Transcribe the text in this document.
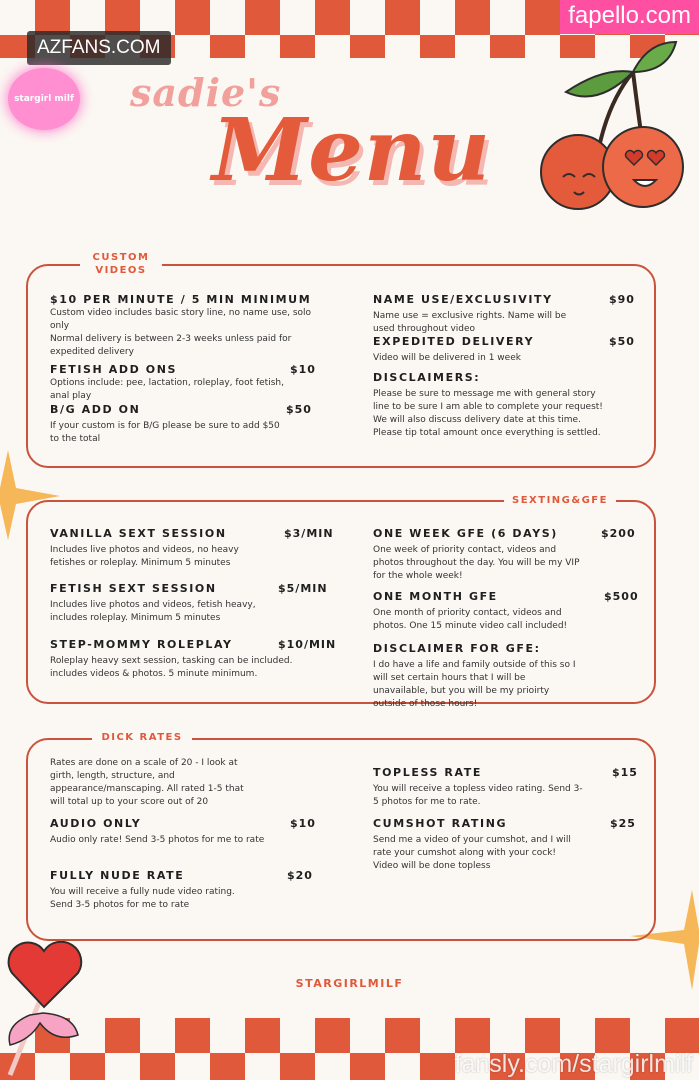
fapello.com
AZFANS.COM
stargirl milf sadie's
Menu
CUSTOM VIDEOS
$10 PER MINUTE / 5 MIN MINIMUM
Custom video includes basic story line, no name use, solo only
Normal delivery is between 2-3 weeks unless paid for expedited delivery
FETISH ADD ONS
Options include: pee, lactation, roleplay, foot fetish, anal play
$10
B/G ADD ON
If your custom is for B/G please be sure to add $50 to the total
$50
NAME USE/EXCLUSIVITY
Name use = exclusive rights. Name will be used throughout video
$90
EXPEDITED DELIVERY
Video will be delivered in 1 week
$50
DISCLAIMERS:
Please be sure to message me with general story line to be sure I am able to complete your request! We will also discuss delivery date at this time. Please tip total amount once everything is settled.
SEXTING&GFE
VANILLA SEXT SESSION
Includes live photos and videos, no heavy fetishes or roleplay. Minimum 5 minutes
$3/MIN
FETISH SEXT SESSION
Includes live photos and videos, fetish heavy, includes roleplay. Minimum 5 minutes
$5/MIN
STEP-MOMMY ROLEPLAY
Roleplay heavy sext session, tasking can be included. includes videos & photos. 5 minute minimum.
$10/MIN
ONE WEEK GFE (6 DAYS)
One week of priority contact, videos and photos throughout the day. You will be my VIP for the whole week!
$200
ONE MONTH GFE
One month of priority contact, videos and photos. One 15 minute video call included!
$500
DISCLAIMER FOR GFE:
I do have a life and family outside of this so I will set certain hours that I will be unavailable, but you will be my prioirty outside of those hours!
DICK RATES
Rates are done on a scale of 20 - I look at girth, length, structure, and appearance/manscaping. All rated 1-5 that will total up to your score out of 20
AUDIO ONLY
Audio only rate! Send 3-5 photos for me to rate
$10
FULLY NUDE RATE
You will receive a fully nude video rating. Send 3-5 photos for me to rate
$20
TOPLESS RATE
You will receive a topless video rating. Send 3-5 photos for me to rate.
$15
CUMSHOT RATING
Send me a video of your cumshot, and I will rate your cumshot along with your cock! Video will be done topless
$25
STARGIRLMILF
fansly.com/stargirlmilf
